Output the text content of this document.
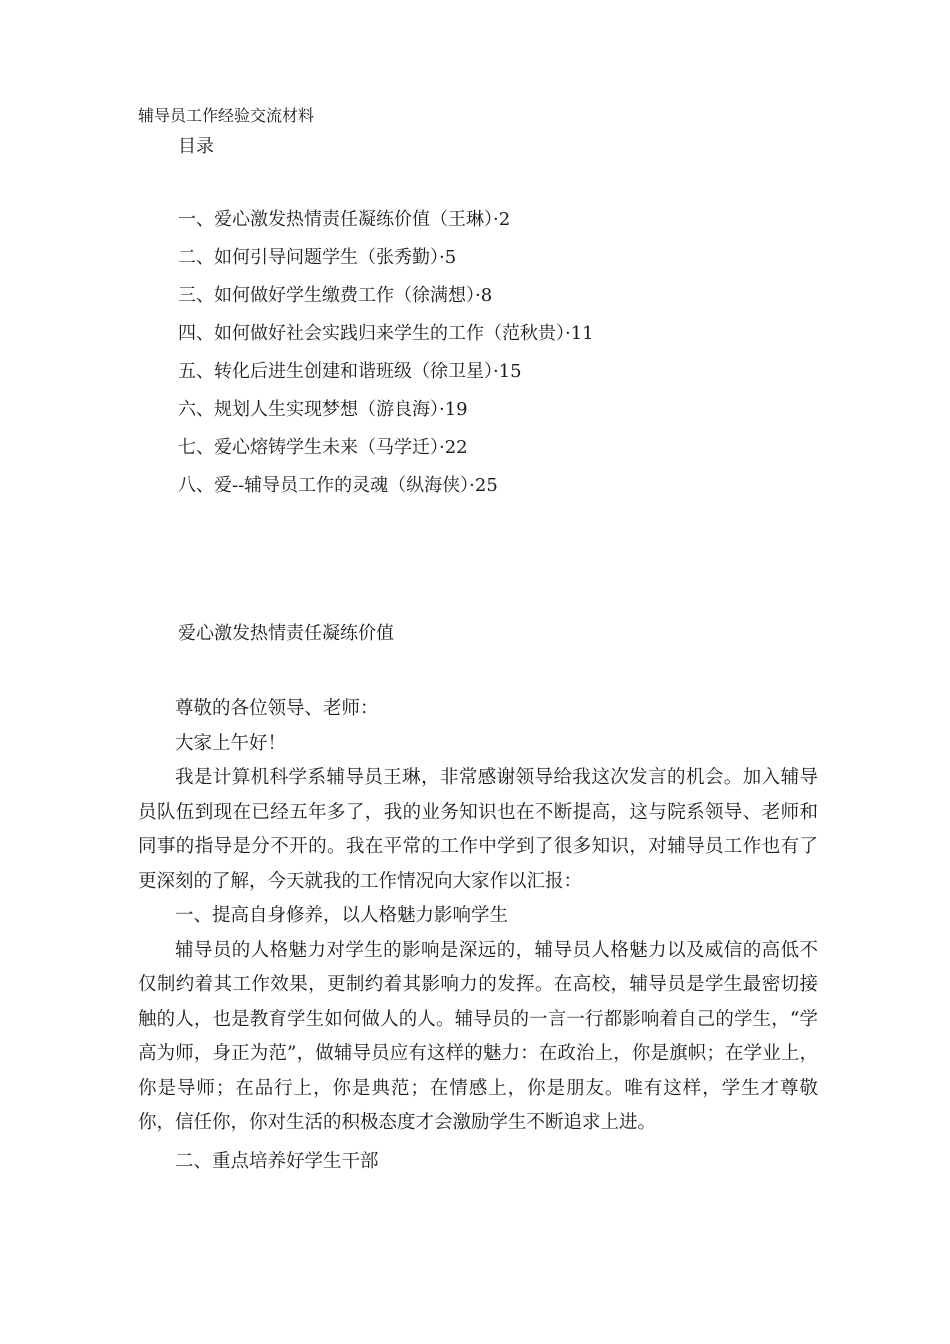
辅导员工作经验交流材料
目录
一、爱心激发热情责任凝练价值（王琳）·2
二、如何引导问题学生（张秀勤）·5
三、如何做好学生缴费工作（徐满想）·8
四、如何做好社会实践归来学生的工作（范秋贵）·11
五、转化后进生创建和谐班级（徐卫星）·15
六、规划人生实现梦想（游良海）·19
七、爱心熔铸学生未来（马学迁）·22
八、爱--辅导员工作的灵魂（纵海侠）·25
爱心激发热情责任凝练价值

尊敬的各位领导、老师：

大家上午好！

我是计算机科学系辅导员王琳，非常感谢领导给我这次发言的机会。加入辅导员队伍到现在已经五年多了，我的业务知识也在不断提高，这与院系领导、老师和同事的指导是分不开的。我在平常的工作中学到了很多知识，对辅导员工作也有了更深刻的了解，今天就我的工作情况向大家作以汇报：

一、提高自身修养，以人格魅力影响学生

辅导员的人格魅力对学生的影响是深远的，辅导员人格魅力以及威信的高低不仅制约着其工作效果，更制约着其影响力的发挥。在高校，辅导员是学生最密切接触的人，也是教育学生如何做人的人。辅导员的一言一行都影响着自己的学生，“学高为师，身正为范”，做辅导员应有这样的魅力：在政治上，你是旗帜；在学业上，你是导师；在品行上，你是典范；在情感上，你是朋友。唯有这样，学生才尊敬你，信任你，你对生活的积极态度才会激励学生不断追求上进。

二、重点培养好学生干部
